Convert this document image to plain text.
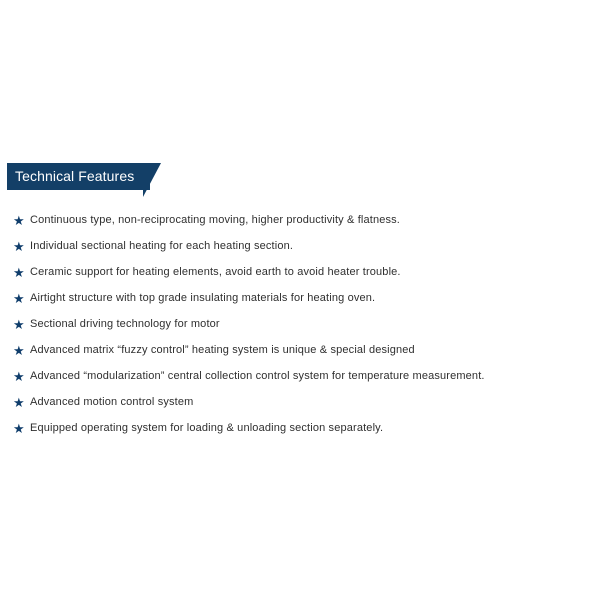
Technical Features
★ Continuous type, non-reciprocating moving, higher productivity & flatness.
★ Individual sectional heating for each heating section.
★ Ceramic support for heating elements, avoid earth to avoid heater trouble.
★ Airtight structure with top grade insulating materials for heating oven.
★ Sectional driving technology for motor
★ Advanced matrix “fuzzy control” heating system is unique & special designed
★ Advanced “modularization” central collection control system for temperature measurement.
★ Advanced motion control system
★ Equipped operating system for loading & unloading section separately.
